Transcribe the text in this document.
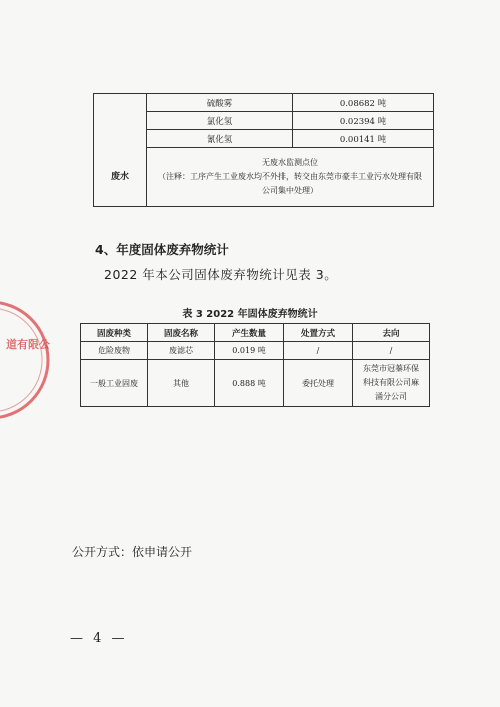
道有限公
废水	硫酸雾	0.08682 吨
	氯化氢	0.02394 吨
	氰化氢	0.00141 吨

	无废水监测点位
（注释：工序产生工业废水均不外排，转交由东莞市豪丰工业污水处理有限
公司集中处理）	
4、年度固体废弃物统计
2022 年本公司固体废弃物统计见表 3。
表 3 2022 年固体废弃物统计
固废种类	固废名称	产生数量	处置方式	去向
危险废物	废滤芯	0.019 吨	/	/
一般工业固废	其他	0.888 吨	委托处理	东莞市冠蓁环保
科技有限公司麻
涌分公司
公开方式：依申请公开
— 4 —
